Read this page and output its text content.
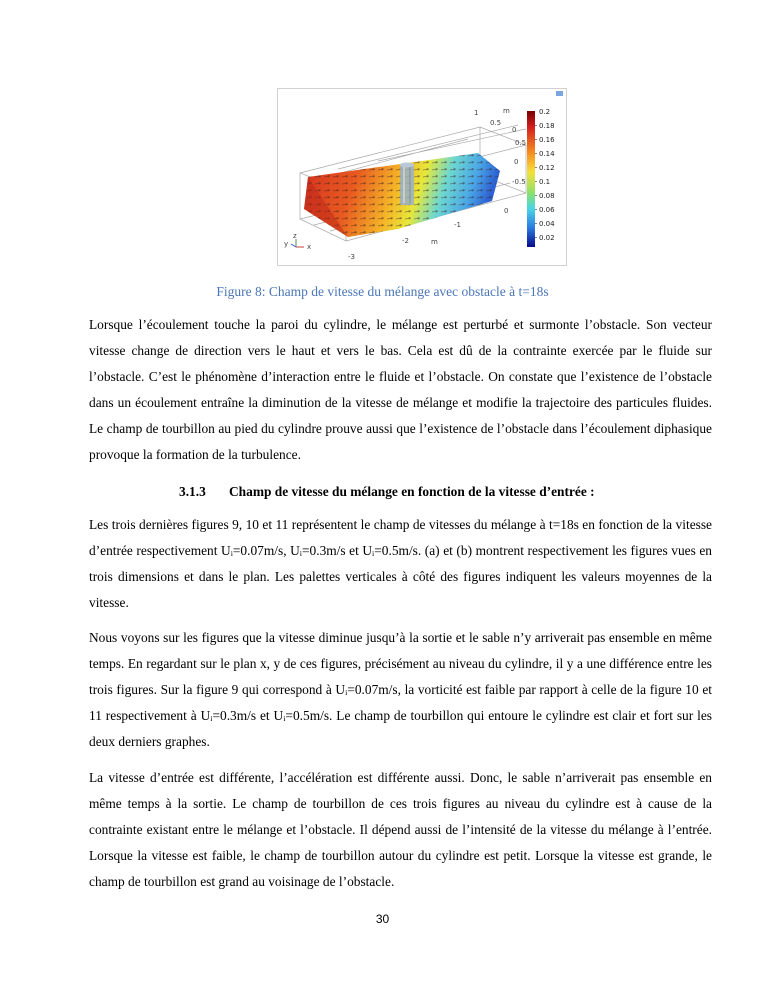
1	m
0.5
0
0.5
0
-0.5
0
-1
-2	m
-3
z
y	x
0.18
0.16
0.14
0.12
0.1
0.08
0.06
0.04
0.02
0.2
Figure 8: Champ de vitesse du mélange avec obstacle à t=18s

Lorsque l’écoulement touche la paroi du cylindre, le mélange est perturbé et surmonte l’obstacle. Son vecteur vitesse change de direction vers le haut et vers le bas. Cela est dû de la contrainte exercée par le fluide sur l’obstacle. C’est le phénomène d’interaction entre le fluide et l’obstacle. On constate que l’existence de l’obstacle dans un écoulement entraîne la diminution de la vitesse de mélange et modifie la trajectoire des particules fluides. Le champ de tourbillon au pied du cylindre prouve aussi que l’existence de l’obstacle dans l’écoulement diphasique provoque la formation de la turbulence.

3.1.3 Champ de vitesse du mélange en fonction de la vitesse d’entrée :

Les trois dernières figures 9, 10 et 11 représentent le champ de vitesses du mélange à t=18s en fonction de la vitesse d’entrée respectivement Uᵢ=0.07m/s, Uᵢ=0.3m/s et Uᵢ=0.5m/s. (a) et (b) montrent respectivement les figures vues en trois dimensions et dans le plan. Les palettes verticales à côté des figures indiquent les valeurs moyennes de la vitesse.

Nous voyons sur les figures que la vitesse diminue jusqu’à la sortie et le sable n’y arriverait pas ensemble en même temps. En regardant sur le plan x, y de ces figures, précisément au niveau du cylindre, il y a une différence entre les trois figures. Sur la figure 9 qui correspond à Uᵢ=0.07m/s, la vorticité est faible par rapport à celle de la figure 10 et 11 respectivement à Uᵢ=0.3m/s et Uᵢ=0.5m/s. Le champ de tourbillon qui entoure le cylindre est clair et fort sur les deux derniers graphes.

La vitesse d’entrée est différente, l’accélération est différente aussi. Donc, le sable n’arriverait pas ensemble en même temps à la sortie. Le champ de tourbillon de ces trois figures au niveau du cylindre est à cause de la contrainte existant entre le mélange et l’obstacle. Il dépend aussi de l’intensité de la vitesse du mélange à l’entrée. Lorsque la vitesse est faible, le champ de tourbillon autour du cylindre est petit. Lorsque la vitesse est grande, le champ de tourbillon est grand au voisinage de l’obstacle.

30
